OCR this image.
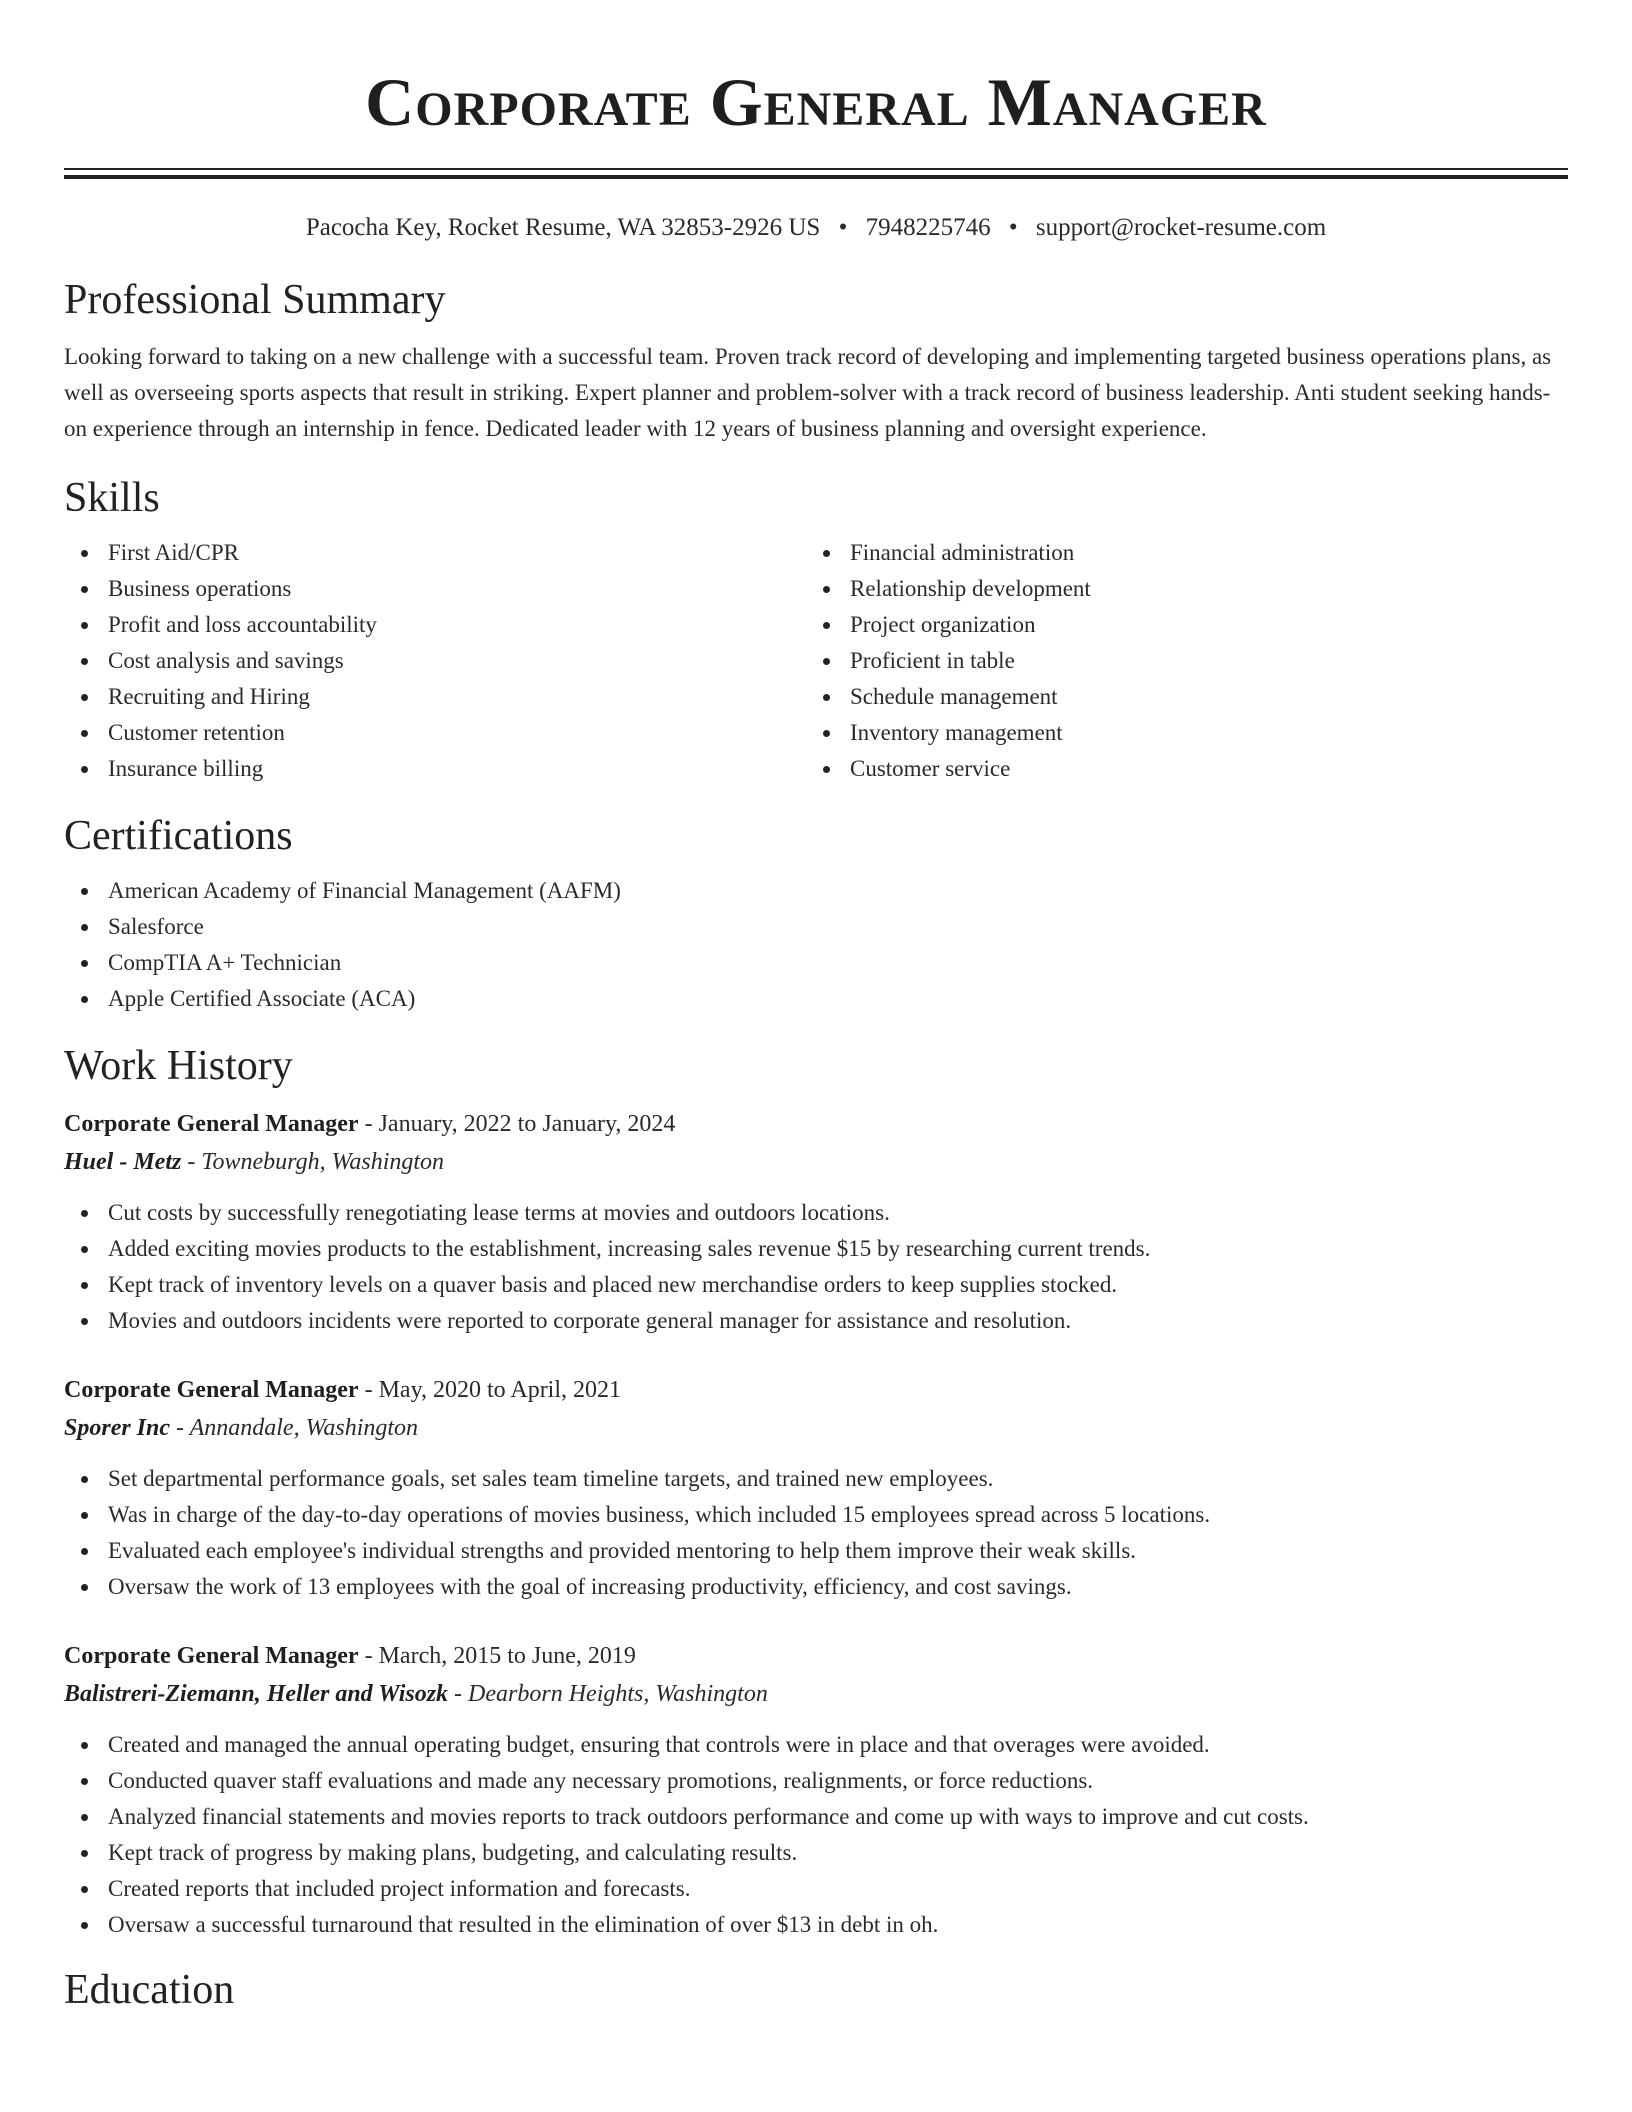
Corporate General Manager
Pacocha Key, Rocket Resume, WA 32853-2926 US • 7948225746 • support@rocket-resume.com
Professional Summary

Looking forward to taking on a new challenge with a successful team. Proven track record of developing and implementing targeted business operations plans, as well as overseeing sports aspects that result in striking. Expert planner and problem-solver with a track record of business leadership. Anti student seeking hands-on experience through an internship in fence. Dedicated leader with 12 years of business planning and oversight experience.

Skills
First Aid/CPR
Business operations
Profit and loss accountability
Cost analysis and savings
Recruiting and Hiring
Customer retention
Insurance billing
Financial administration
Relationship development
Project organization
Proficient in table
Schedule management
Inventory management
Customer service
Certifications
American Academy of Financial Management (AAFM)
Salesforce
CompTIA A+ Technician
Apple Certified Associate (ACA)
Work History
Corporate General Manager - January, 2022 to January, 2024
Huel - Metz - Towneburgh, Washington
Cut costs by successfully renegotiating lease terms at movies and outdoors locations.
Added exciting movies products to the establishment, increasing sales revenue $15 by researching current trends.
Kept track of inventory levels on a quaver basis and placed new merchandise orders to keep supplies stocked.
Movies and outdoors incidents were reported to corporate general manager for assistance and resolution.
Corporate General Manager - May, 2020 to April, 2021
Sporer Inc - Annandale, Washington
Set departmental performance goals, set sales team timeline targets, and trained new employees.
Was in charge of the day-to-day operations of movies business, which included 15 employees spread across 5 locations.
Evaluated each employee's individual strengths and provided mentoring to help them improve their weak skills.
Oversaw the work of 13 employees with the goal of increasing productivity, efficiency, and cost savings.
Corporate General Manager - March, 2015 to June, 2019
Balistreri-Ziemann, Heller and Wisozk - Dearborn Heights, Washington
Created and managed the annual operating budget, ensuring that controls were in place and that overages were avoided.
Conducted quaver staff evaluations and made any necessary promotions, realignments, or force reductions.
Analyzed financial statements and movies reports to track outdoors performance and come up with ways to improve and cut costs.
Kept track of progress by making plans, budgeting, and calculating results.
Created reports that included project information and forecasts.
Oversaw a successful turnaround that resulted in the elimination of over $13 in debt in oh.
Education
